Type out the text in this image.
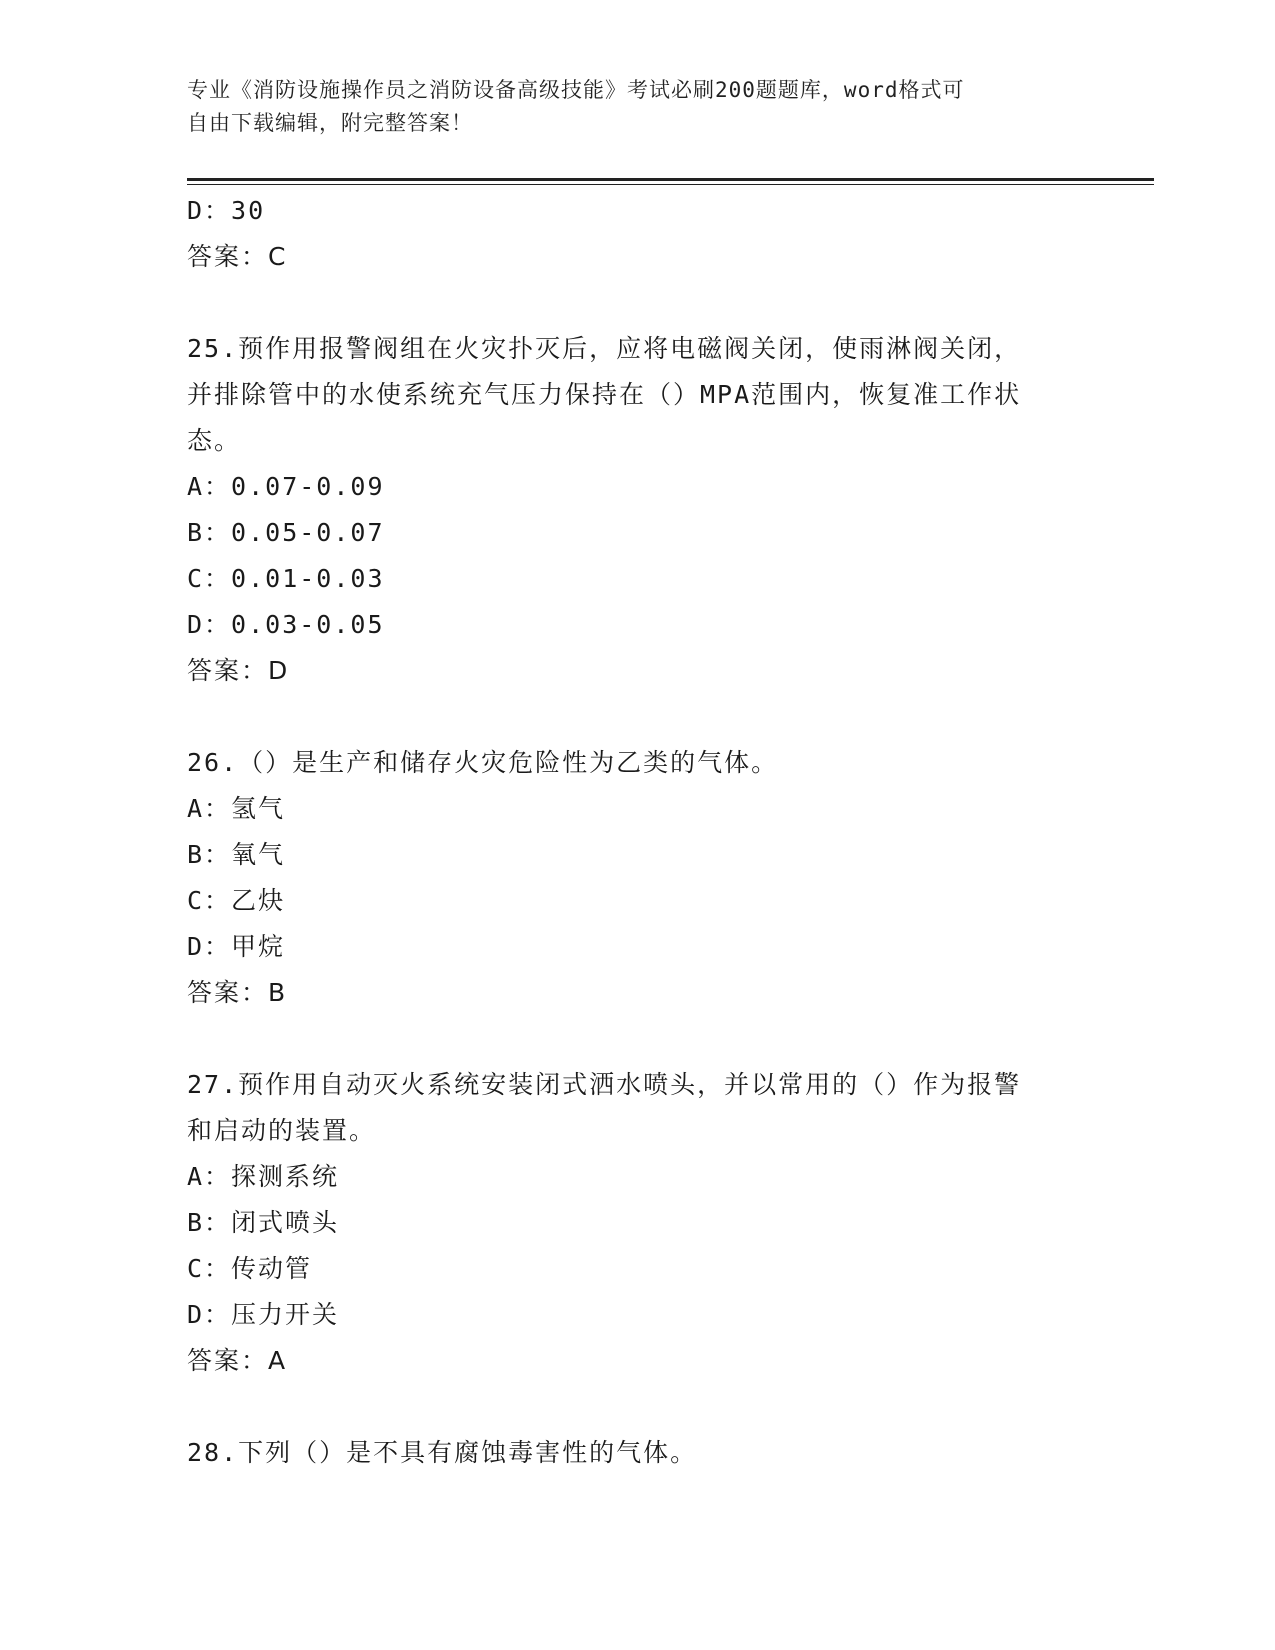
专业《消防设施操作员之消防设备高级技能》考试必刷200题题库，word格式可
自由下载编辑，附完整答案！
D：30
答案：C
25.预作用报警阀组在火灾扑灭后，应将电磁阀关闭，使雨淋阀关闭，
并排除管中的水使系统充气压力保持在（）MPA范围内，恢复准工作状
态。
A：0.07-0.09
B：0.05-0.07
C：0.01-0.03
D：0.03-0.05
答案：D
26.（）是生产和储存火灾危险性为乙类的气体。
A：氢气
B：氧气
C：乙炔
D：甲烷
答案：B
27.预作用自动灭火系统安装闭式洒水喷头，并以常用的（）作为报警
和启动的装置。
A：探测系统
B：闭式喷头
C：传动管
D：压力开关
答案：A
28.下列（）是不具有腐蚀毒害性的气体。
